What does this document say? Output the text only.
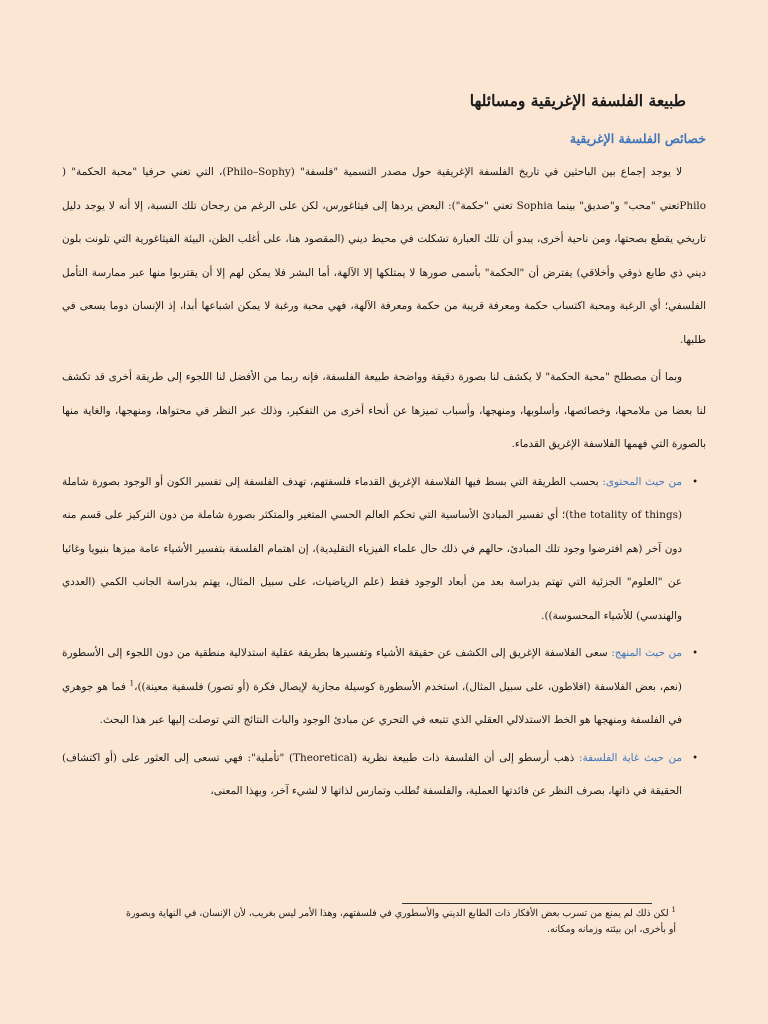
طبيعة الفلسفة الإغريقية ومسائلها
خصائص الفلسفة الإغريقية

لا يوجد إجماع بين الباحثين في تاريخ الفلسفة الإغريقية حول مصدر التسمية "فلسفة" (Philo–Sophy)، التي تعني حرفيا "محبة الحكمة" ( Philoتعني "محب" و"صديق" بينما Sophia تعني "حكمة"): البعض يردها إلى فيثاغورس، لكن على الرغم من رجحان تلك النسبة، إلا أنه لا يوجد دليل تاريخي يقطع بصحتها، ومن ناحية أخرى، يبدو أن تلك العبارة تشكلت في محيط ديني (المقصود هنا، على أغلب الظن، البيئة الفيثاغورية التي تلونت بلون ديني ذي طابع ذوقي وأخلاقي) يفترض أن "الحكمة" بأسمى صورها لا يمتلكها إلا الآلهة، أما البشر فلا يمكن لهم إلا أن يقتربوا منها عبر ممارسة التأمل الفلسفي؛ أي الرغبة ومحبة اكتساب حكمة ومعرفة قريبة من حكمة ومعرفة الآلهة، فهي محبة ورغبة لا يمكن اشباعها أبدا، إذ الإنسان دوما يسعى في طلبها.

وبما أن مصطلح "محبة الحكمة" لا يكشف لنا بصورة دقيقة وواضحة طبيعة الفلسفة، فإنه ربما من الأفضل لنا اللجوء إلى طريقة أخرى قد تكشف لنا بعضا من ملامحها، وخصائصها، وأسلوبها، ومنهجها، وأسباب تميزها عن أنحاء أخرى من التفكير، وذلك عبر النظر في محتواها، ومنهجها، والغاية منها بالصورة التي فهمها الفلاسفة الإغريق القدماء.

•
من حيث المحتوى: بحسب الطريقة التي بسط فيها الفلاسفة الإغريق القدماء فلسفتهم، تهدف الفلسفة إلى تفسير الكون أو الوجود بصورة شاملة (the totality of things)؛ أي تفسير المبادئ الأساسية التي تحكم العالم الحسي المتغير والمتكثر بصورة شاملة من دون التركيز على قسم منه دون آخر (هم افترضوا وجود تلك المبادئ، حالهم في ذلك حال علماء الفيزياء التقليدية)، إن اهتمام الفلسفة بتفسير الأشياء عامة ميزها بنيويا وغائيا عن "العلوم" الجزئية التي تهتم بدراسة بعد من أبعاد الوجود فقط (علم الرياضيات، على سبيل المثال، يهتم بدراسة الجانب الكمي (العددي والهندسي) للأشياء المحسوسة)).

•
من حيث المنهج: سعى الفلاسفة الإغريق إلى الكشف عن حقيقة الأشياء وتفسيرها بطريقة عقلية استدلالية منطقية من دون اللجوء إلى الأسطورة (نعم، بعض الفلاسفة (افلاطون، على سبيل المثال)، استخدم الأسطورة كوسيلة مجازية لإيصال فكرة (أو تصور) فلسفية معينة))،$^1$ فما هو جوهري في الفلسفة ومنهجها هو الخط الاستدلالي العقلي الذي تتبعه في التحري عن مبادئ الوجود والبات النتائج التي توصلت إليها عبر هذا البحث.

•
من حيث غاية الفلسفة: ذهب أرسطو إلى أن الفلسفة ذات طبيعة نظرية (Theoretical) "تأملية": فهي تسعى إلى العثور على (أو اكتشاف) الحقيقة في ذاتها، بصرف النظر عن فائدتها العملية، والفلسفة تُطلب وتمارس لذاتها لا لشيء آخر، وبهذا المعنى،

$^1$ لكن ذلك لم يمنع من تسرب بعض الأفكار ذات الطابع الديني والأسطوري في فلسفتهم، وهذا الأمر ليس بغريب، لأن الإنسان، في النهاية وبصورة أو بأخرى، ابن بيئته وزمانه ومكانه.
